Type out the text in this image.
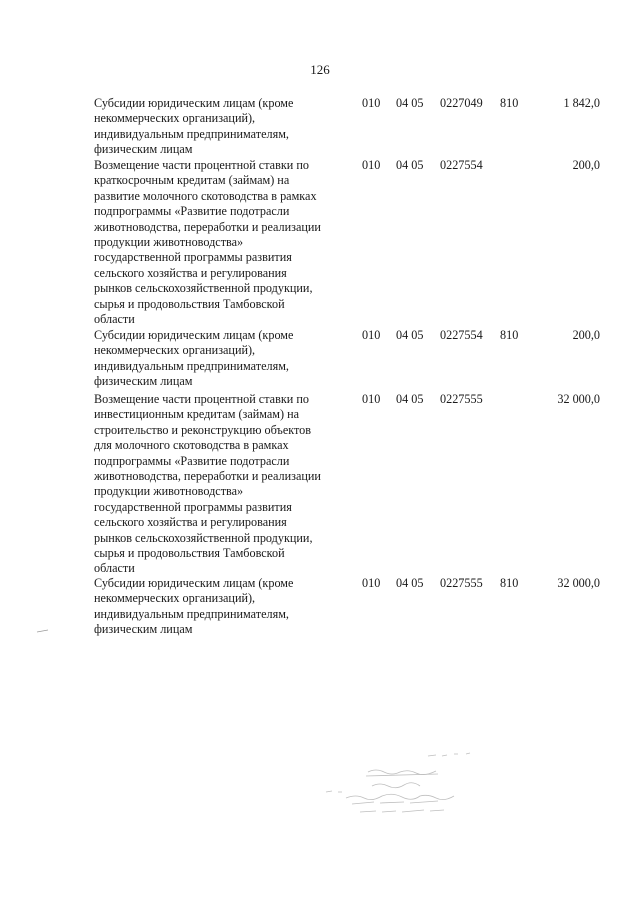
126
Субсидии юридическим лицам (кроме
некоммерческих организаций),
индивидуальным предпринимателям,
физическим лицам
010 04 05 0227049 810	1 842,0
Возмещение части процентной ставки по
краткосрочным кредитам (займам) на
развитие молочного скотоводства в рамках
подпрограммы «Развитие подотрасли
животноводства, переработки и реализации
продукции животноводства»
государственной программы развития
сельского хозяйства и регулирования
рынков сельскохозяйственной продукции,
сырья и продовольствия Тамбовской
области
010 04 05 0227554	200,0
Субсидии юридическим лицам (кроме
некоммерческих организаций),
индивидуальным предпринимателям,
физическим лицам
010 04 05 0227554 810	200,0
Возмещение части процентной ставки по
инвестиционным кредитам (займам) на
строительство и реконструкцию объектов
для молочного скотоводства в рамках
подпрограммы «Развитие подотрасли
животноводства, переработки и реализации
продукции животноводства»
государственной программы развития
сельского хозяйства и регулирования
рынков сельскохозяйственной продукции,
сырья и продовольствия Тамбовской
области
010 04 05 0227555	32 000,0
Субсидии юридическим лицам (кроме
некоммерческих организаций),
индивидуальным предпринимателям,
физическим лицам
010 04 05 0227555 810	32 000,0
